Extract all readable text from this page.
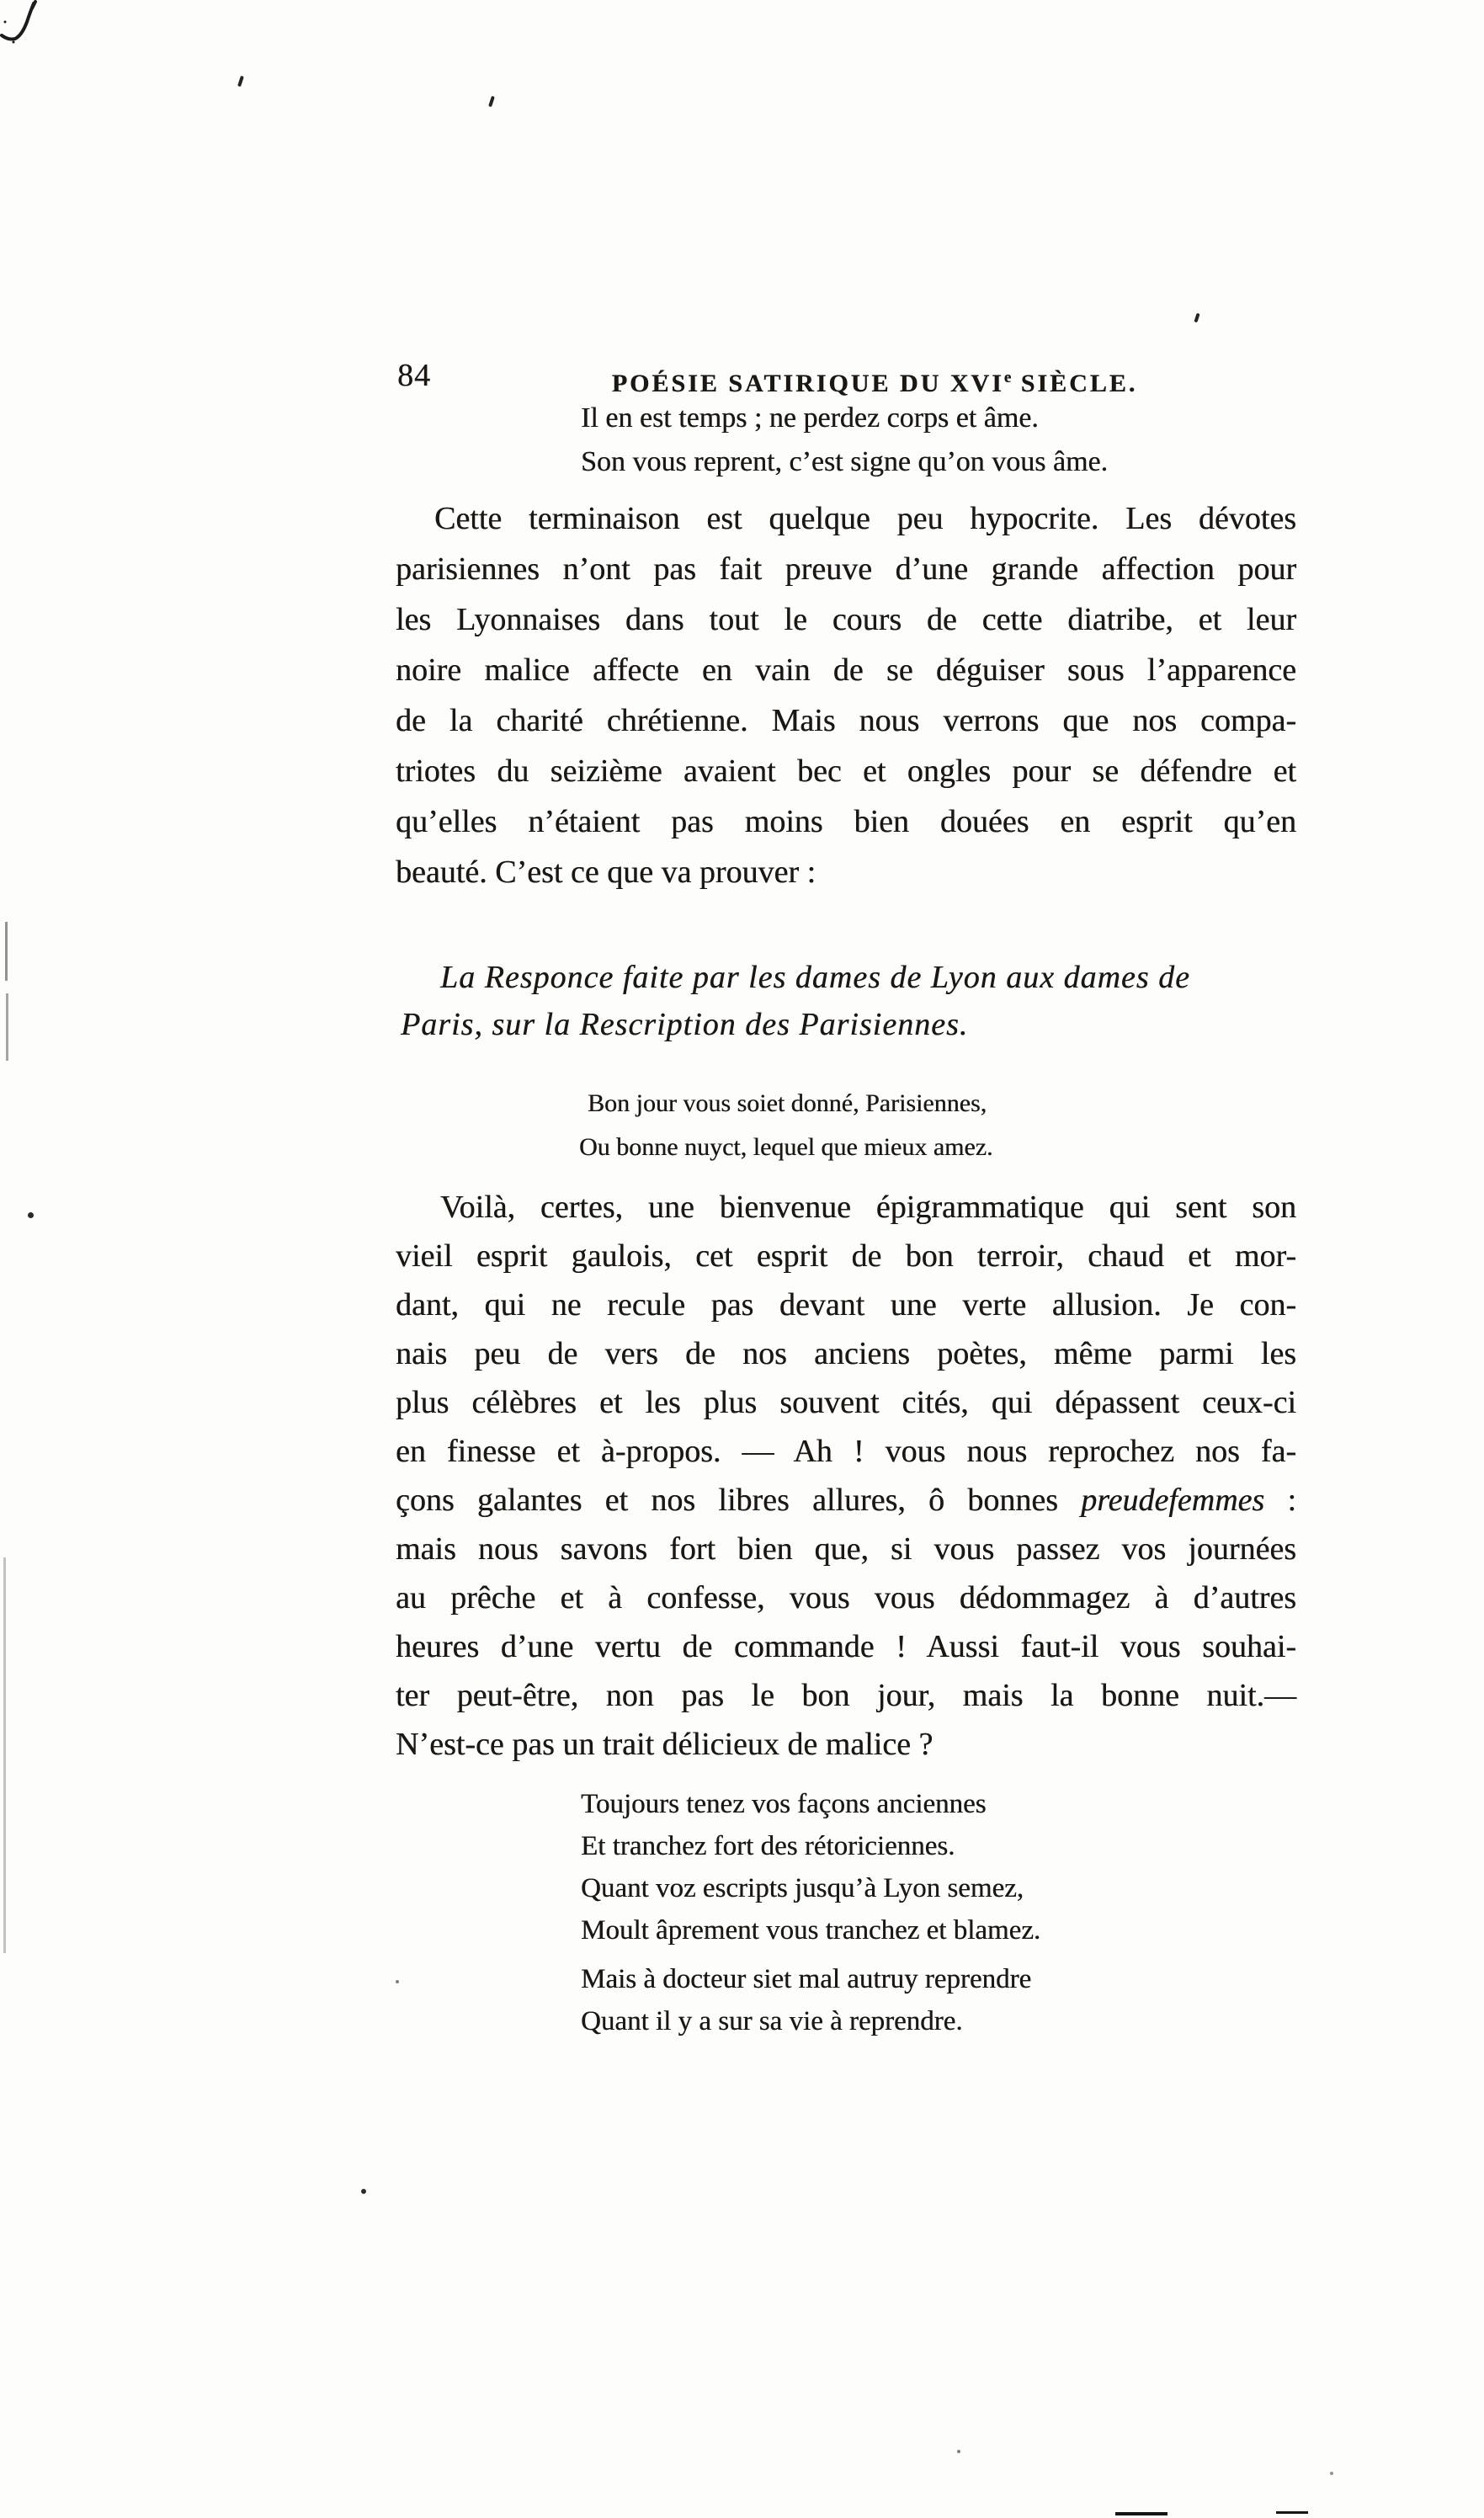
84	POÉSIE SATIRIQUE DU XVIe SIÈCLE.
Il en est temps ; ne perdez corps et âme.
Son vous reprent, c’est signe qu’on vous âme.
Cette terminaison est quelque peu hypocrite. Les dévotes
parisiennes n’ont pas fait preuve d’une grande affection pour
les Lyonnaises dans tout le cours de cette diatribe, et leur
noire malice affecte en vain de se déguiser sous l’apparence
de la charité chrétienne. Mais nous verrons que nos compa-
triotes du seizième avaient bec et ongles pour se défendre et
qu’elles n’étaient pas moins bien douées en esprit qu’en
beauté. C’est ce que va prouver :
La Responce faite par les dames de Lyon aux dames de
Paris, sur la Rescription des Parisiennes.
Bon jour vous soiet donné, Parisiennes,
Ou bonne nuyct, lequel que mieux amez.
Voilà, certes, une bienvenue épigrammatique qui sent son
vieil esprit gaulois, cet esprit de bon terroir, chaud et mor-
dant, qui ne recule pas devant une verte allusion. Je con-
nais peu de vers de nos anciens poètes, même parmi les
plus célèbres et les plus souvent cités, qui dépassent ceux-ci
en finesse et à-propos. — Ah ! vous nous reprochez nos fa-
çons galantes et nos libres allures, ô bonnes preudefemmes :
mais nous savons fort bien que, si vous passez vos journées
au prêche et à confesse, vous vous dédommagez à d’autres
heures d’une vertu de commande ! Aussi faut-il vous souhai-
ter peut-être, non pas le bon jour, mais la bonne nuit.—
N’est-ce pas un trait délicieux de malice ?
Toujours tenez vos façons anciennes
Et tranchez fort des rétoriciennes.
Quant voz escripts jusqu’à Lyon semez,
Moult âprement vous tranchez et blamez.
Mais à docteur siet mal autruy reprendre
Quant il y a sur sa vie à reprendre.
